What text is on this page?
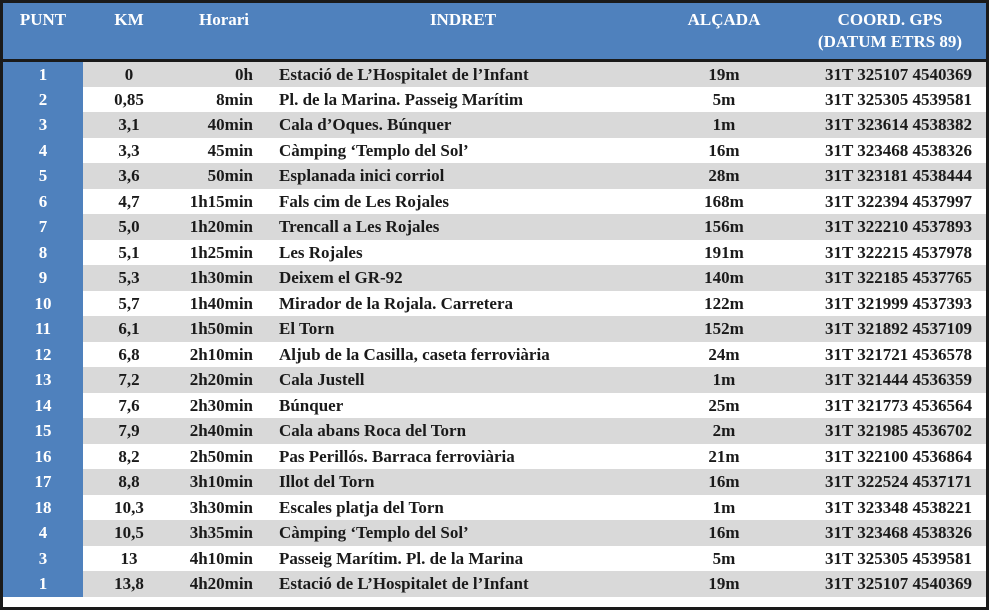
PUNT	KM	Horari	INDRET	ALÇADA	COORD. GPS
(DATUM ETRS 89)

1	0	0h	Estació de L’Hospitalet de l’Infant	19m	31T 325107 4540369
2	0,85	8min	Pl. de la Marina. Passeig Marítim	5m	31T 325305 4539581
3	3,1	40min	Cala d’Oques. Búnquer	1m	31T 323614 4538382
4	3,3	45min	Càmping ‘Templo del Sol’	16m	31T 323468 4538326
5	3,6	50min	Esplanada inici corriol	28m	31T 323181 4538444
6	4,7	1h15min	Fals cim de Les Rojales	168m	31T 322394 4537997
7	5,0	1h20min	Trencall a Les Rojales	156m	31T 322210 4537893
8	5,1	1h25min	Les Rojales	191m	31T 322215 4537978
9	5,3	1h30min	Deixem el GR-92	140m	31T 322185 4537765
10	5,7	1h40min	Mirador de la Rojala. Carretera	122m	31T 321999 4537393
11	6,1	1h50min	El Torn	152m	31T 321892 4537109
12	6,8	2h10min	Aljub de la Casilla, caseta ferroviària	24m	31T 321721 4536578
13	7,2	2h20min	Cala Justell	1m	31T 321444 4536359
14	7,6	2h30min	Búnquer	25m	31T 321773 4536564
15	7,9	2h40min	Cala abans Roca del Torn	2m	31T 321985 4536702
16	8,2	2h50min	Pas Perillós. Barraca ferroviària	21m	31T 322100 4536864
17	8,8	3h10min	Illot del Torn	16m	31T 322524 4537171
18	10,3	3h30min	Escales platja del Torn	1m	31T 323348 4538221
4	10,5	3h35min	Càmping ‘Templo del Sol’	16m	31T 323468 4538326
3	13	4h10min	Passeig Marítim. Pl. de la Marina	5m	31T 325305 4539581
1	13,8	4h20min	Estació de L’Hospitalet de l’Infant	19m	31T 325107 4540369
